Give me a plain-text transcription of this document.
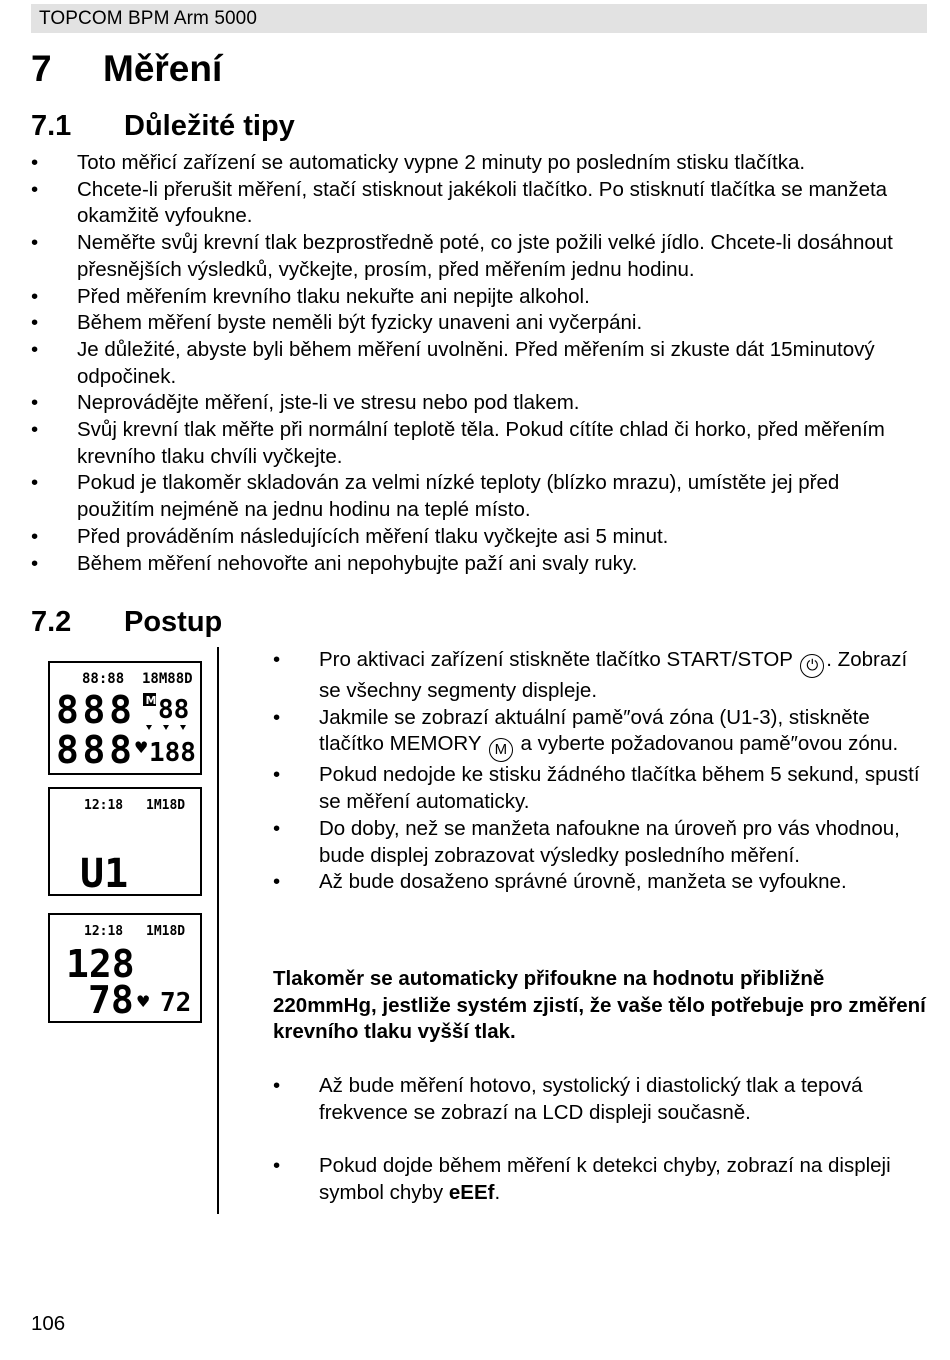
TOPCOM BPM Arm 5000
7 Měření
7.1 Důležité tipy
• Toto měřicí zařízení se automaticky vypne 2 minuty po posledním stisku tlačítka.
• Chcete-li přerušit měření, stačí stisknout jakékoli tlačítko. Po stisknutí tlačítka se manžeta okamžitě vyfoukne.
• Neměřte svůj krevní tlak bezprostředně poté, co jste požili velké jídlo. Chcete-li dosáhnout přesnějších výsledků, vyčkejte, prosím, před měřením jednu hodinu.
• Před měřením krevního tlaku nekuřte ani nepijte alkohol.
• Během měření byste neměli být fyzicky unaveni ani vyčerpáni.
• Je důležité, abyste byli během měření uvolněni. Před měřením si zkuste dát 15minutový odpočinek.
• Neprovádějte měření, jste-li ve stresu nebo pod tlakem.
• Svůj krevní tlak měřte při normální teplotě těla. Pokud cítíte chlad či horko, před měřením krevního tlaku chvíli vyčkejte.
• Pokud je tlakoměr skladován za velmi nízké teploty (blízko mrazu), umístěte jej před použitím nejméně na jednu hodinu na teplé místo.
• Před prováděním následujících měření tlaku vyčkejte asi 5 minut.
• Během měření nehovořte ani nepohybujte paží ani svaly ruky.
7.2 Postup
88:88 18M88D
888 M 88
888 ♥ 188
12:18 1M18D
U1
12:18 1M18D
128
78 ♥ 72
• Pro aktivaci zařízení stiskněte tlačítko START/STOP ⏻ . Zobrazí se všechny segmenty displeje.
• Jakmile se zobrazí aktuální pamě″ová zóna (U1-3), stiskněte tlačítko MEMORY M a vyberte požadovanou pamě″ovou zónu.
• Pokud nedojde ke stisku žádného tlačítka během 5 sekund, spustí se měření automaticky.
• Do doby, než se manžeta nafoukne na úroveň pro vás vhodnou, bude displej zobrazovat výsledky posledního měření.
• Až bude dosaženo správné úrovně, manžeta se vyfoukne.
Tlakoměr se automaticky přifoukne na hodnotu přibližně 220mmHg, jestliže systém zjistí, že vaše tělo potřebuje pro změření krevního tlaku vyšší tlak.
• Až bude měření hotovo, systolický i diastolický tlak a tepová frekvence se zobrazí na LCD displeji současně.
• Pokud dojde během měření k detekci chyby, zobrazí na displeji symbol chyby eEEf.
106
